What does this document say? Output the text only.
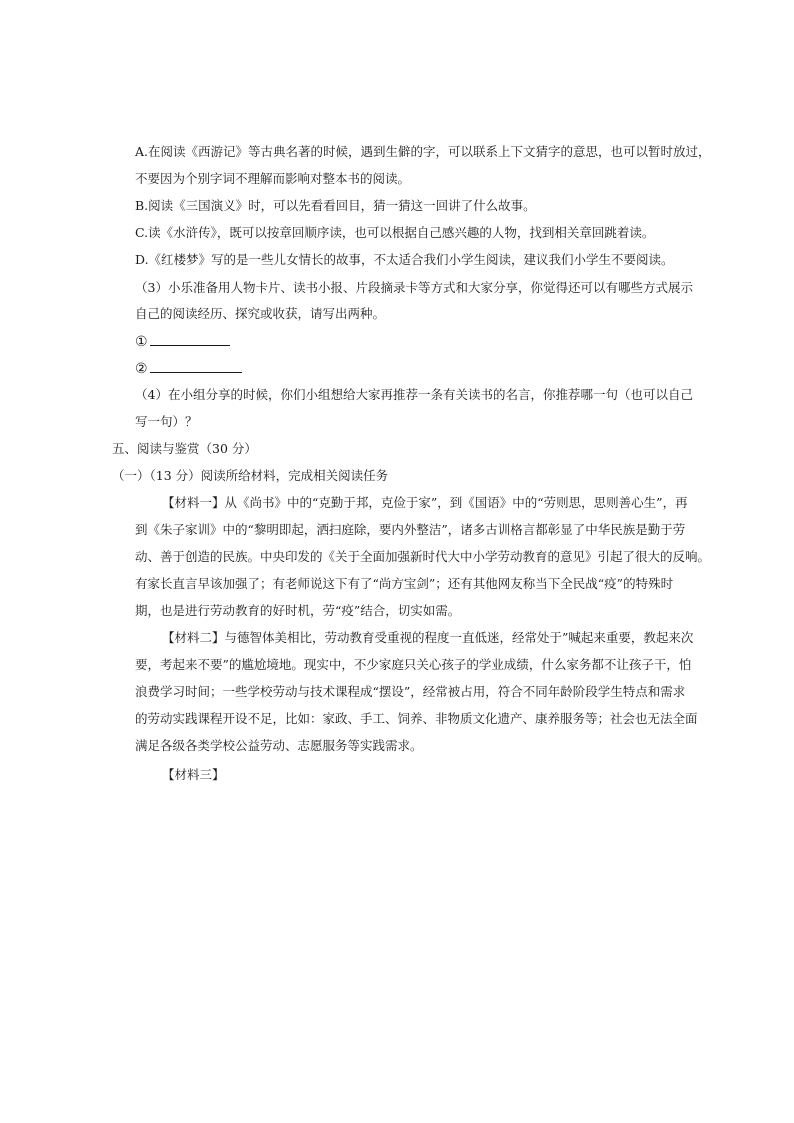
A.在阅读《西游记》等古典名著的时候，遇到生僻的字，可以联系上下文猜字的意思，也可以暂时放过，
不要因为个别字词不理解而影响对整本书的阅读。
B.阅读《三国演义》时，可以先看看回目，猜一猜这一回讲了什么故事。
C.读《水浒传》，既可以按章回顺序读，也可以根据自己感兴趣的人物，找到相关章回跳着读。
D.《红楼梦》写的是一些儿女情长的故事，不太适合我们小学生阅读，建议我们小学生不要阅读。
（3）小乐准备用人物卡片、读书小报、片段摘录卡等方式和大家分享，你觉得还可以有哪些方式展示
自己的阅读经历、探究或收获，请写出两种。
①
②
（4）在小组分享的时候，你们小组想给大家再推荐一条有关读书的名言，你推荐哪一句（也可以自己
写一句）？
五、阅读与鉴赏（30 分）
（一）（13 分）阅读所给材料，完成相关阅读任务
【材料一】从《尚书》中的“克勤于邦，克俭于家”，到《国语》中的“劳则思，思则善心生”，再
到《朱子家训》中的“黎明即起，洒扫庭除，要内外整洁”，诸多古训格言都彰显了中华民族是勤于劳
动、善于创造的民族。中央印发的《关于全面加强新时代大中小学劳动教育的意见》引起了很大的反响。
有家长直言早该加强了；有老师说这下有了“尚方宝剑”；还有其他网友称当下全民战“疫”的特殊时
期，也是进行劳动教育的好时机，劳“疫”结合，切实如需。
【材料二】与德智体美相比，劳动教育受重视的程度一直低迷，经常处于”喊起来重要，教起来次
要，考起来不要”的尴尬境地。现实中，不少家庭只关心孩子的学业成绩，什么家务都不让孩子干，怕
浪费学习时间；一些学校劳动与技术课程成“摆设”，经常被占用，符合不同年龄阶段学生特点和需求
的劳动实践课程开设不足，比如：家政、手工、饲养、非物质文化遗产、康养服务等；社会也无法全面
满足各级各类学校公益劳动、志愿服务等实践需求。
【材料三】
